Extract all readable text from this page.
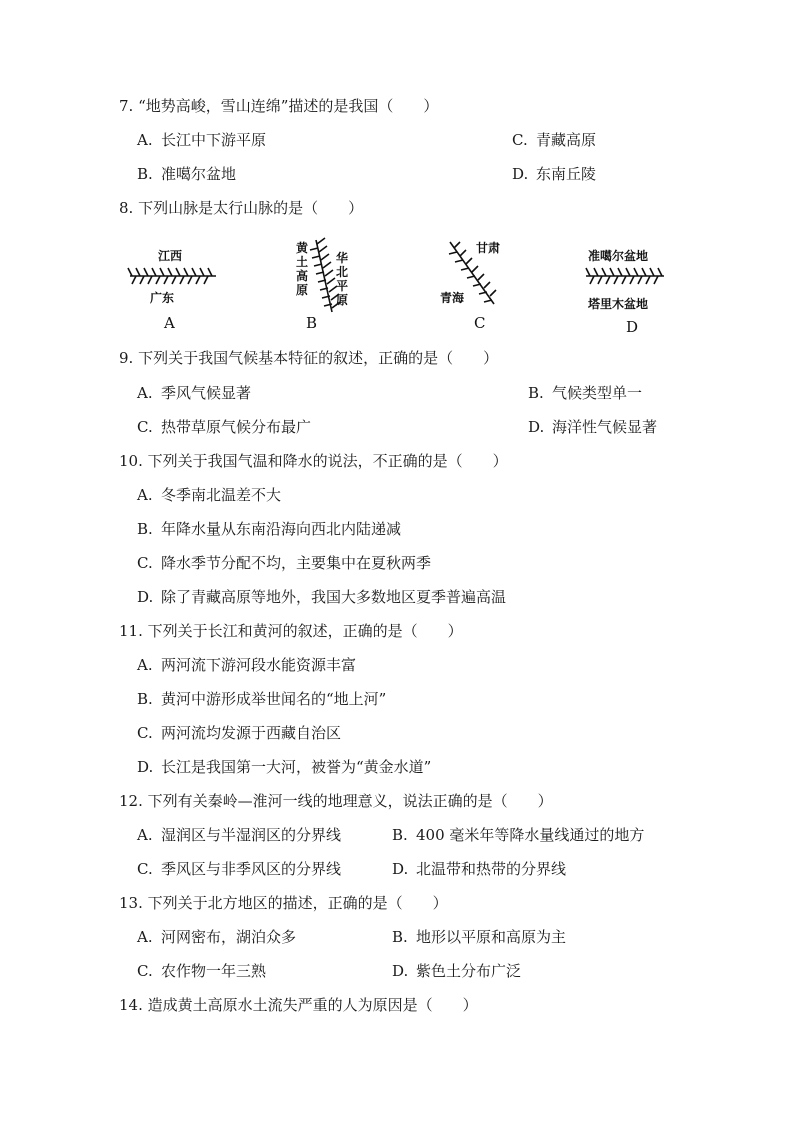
7. “地势高峻，雪山连绵”描述的是我国（　　）
A. 长江中下游平原	C. 青藏高原
B. 准噶尔盆地	D. 东南丘陵
8. 下列山脉是太行山脉的是（　　）
江西
广东
A
黄
土
高
原
华
北
平
原
B
甘肃
青海
C
准噶尔盆地
塔里木盆地
D
9. 下列关于我国气候基本特征的叙述，正确的是（　　）
A. 季风气候显著	B. 气候类型单一
C. 热带草原气候分布最广	D. 海洋性气候显著
10. 下列关于我国气温和降水的说法，不正确的是（　　）
A. 冬季南北温差不大
B. 年降水量从东南沿海向西北内陆递减
C. 降水季节分配不均，主要集中在夏秋两季
D. 除了青藏高原等地外，我国大多数地区夏季普遍高温
11. 下列关于长江和黄河的叙述，正确的是（　　）
A. 两河流下游河段水能资源丰富
B. 黄河中游形成举世闻名的“地上河”
C. 两河流均发源于西藏自治区
D. 长江是我国第一大河，被誉为“黄金水道”
12. 下列有关秦岭—淮河一线的地理意义，说法正确的是（　　）
A. 湿润区与半湿润区的分界线	B. 400 毫米年等降水量线通过的地方
C. 季风区与非季风区的分界线	D. 北温带和热带的分界线
13. 下列关于北方地区的描述，正确的是（　　）
A. 河网密布，湖泊众多	B. 地形以平原和高原为主
C. 农作物一年三熟	D. 紫色土分布广泛
14. 造成黄土高原水土流失严重的人为原因是（　　）
